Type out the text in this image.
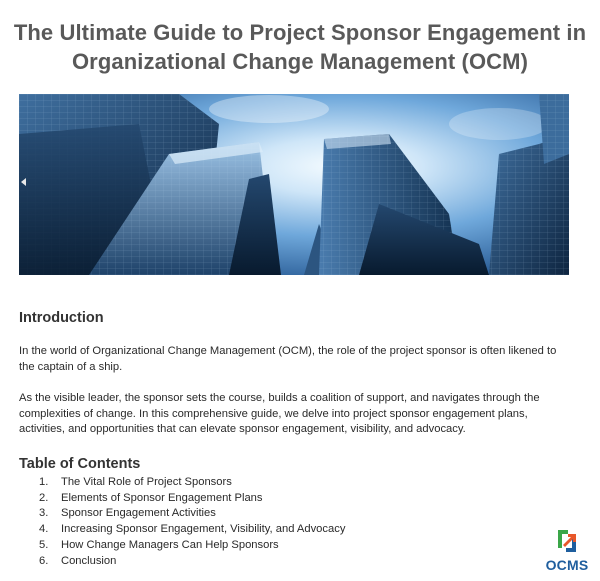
The Ultimate Guide to Project Sponsor Engagement in
Organizational Change Management (OCM)
Introduction
In the world of Organizational Change Management (OCM), the role of the project sponsor is often likened to the captain of a ship.
As the visible leader, the sponsor sets the course, builds a coalition of support, and navigates through the complexities of change. In this comprehensive guide, we delve into project sponsor engagement plans, activities, and opportunities that can elevate sponsor engagement, visibility, and advocacy.
Table of Contents
1.	The Vital Role of Project Sponsors
2.	Elements of Sponsor Engagement Plans
3.	Sponsor Engagement Activities
4.	Increasing Sponsor Engagement, Visibility, and Advocacy
5.	How Change Managers Can Help Sponsors
6.	Conclusion	OCMS
